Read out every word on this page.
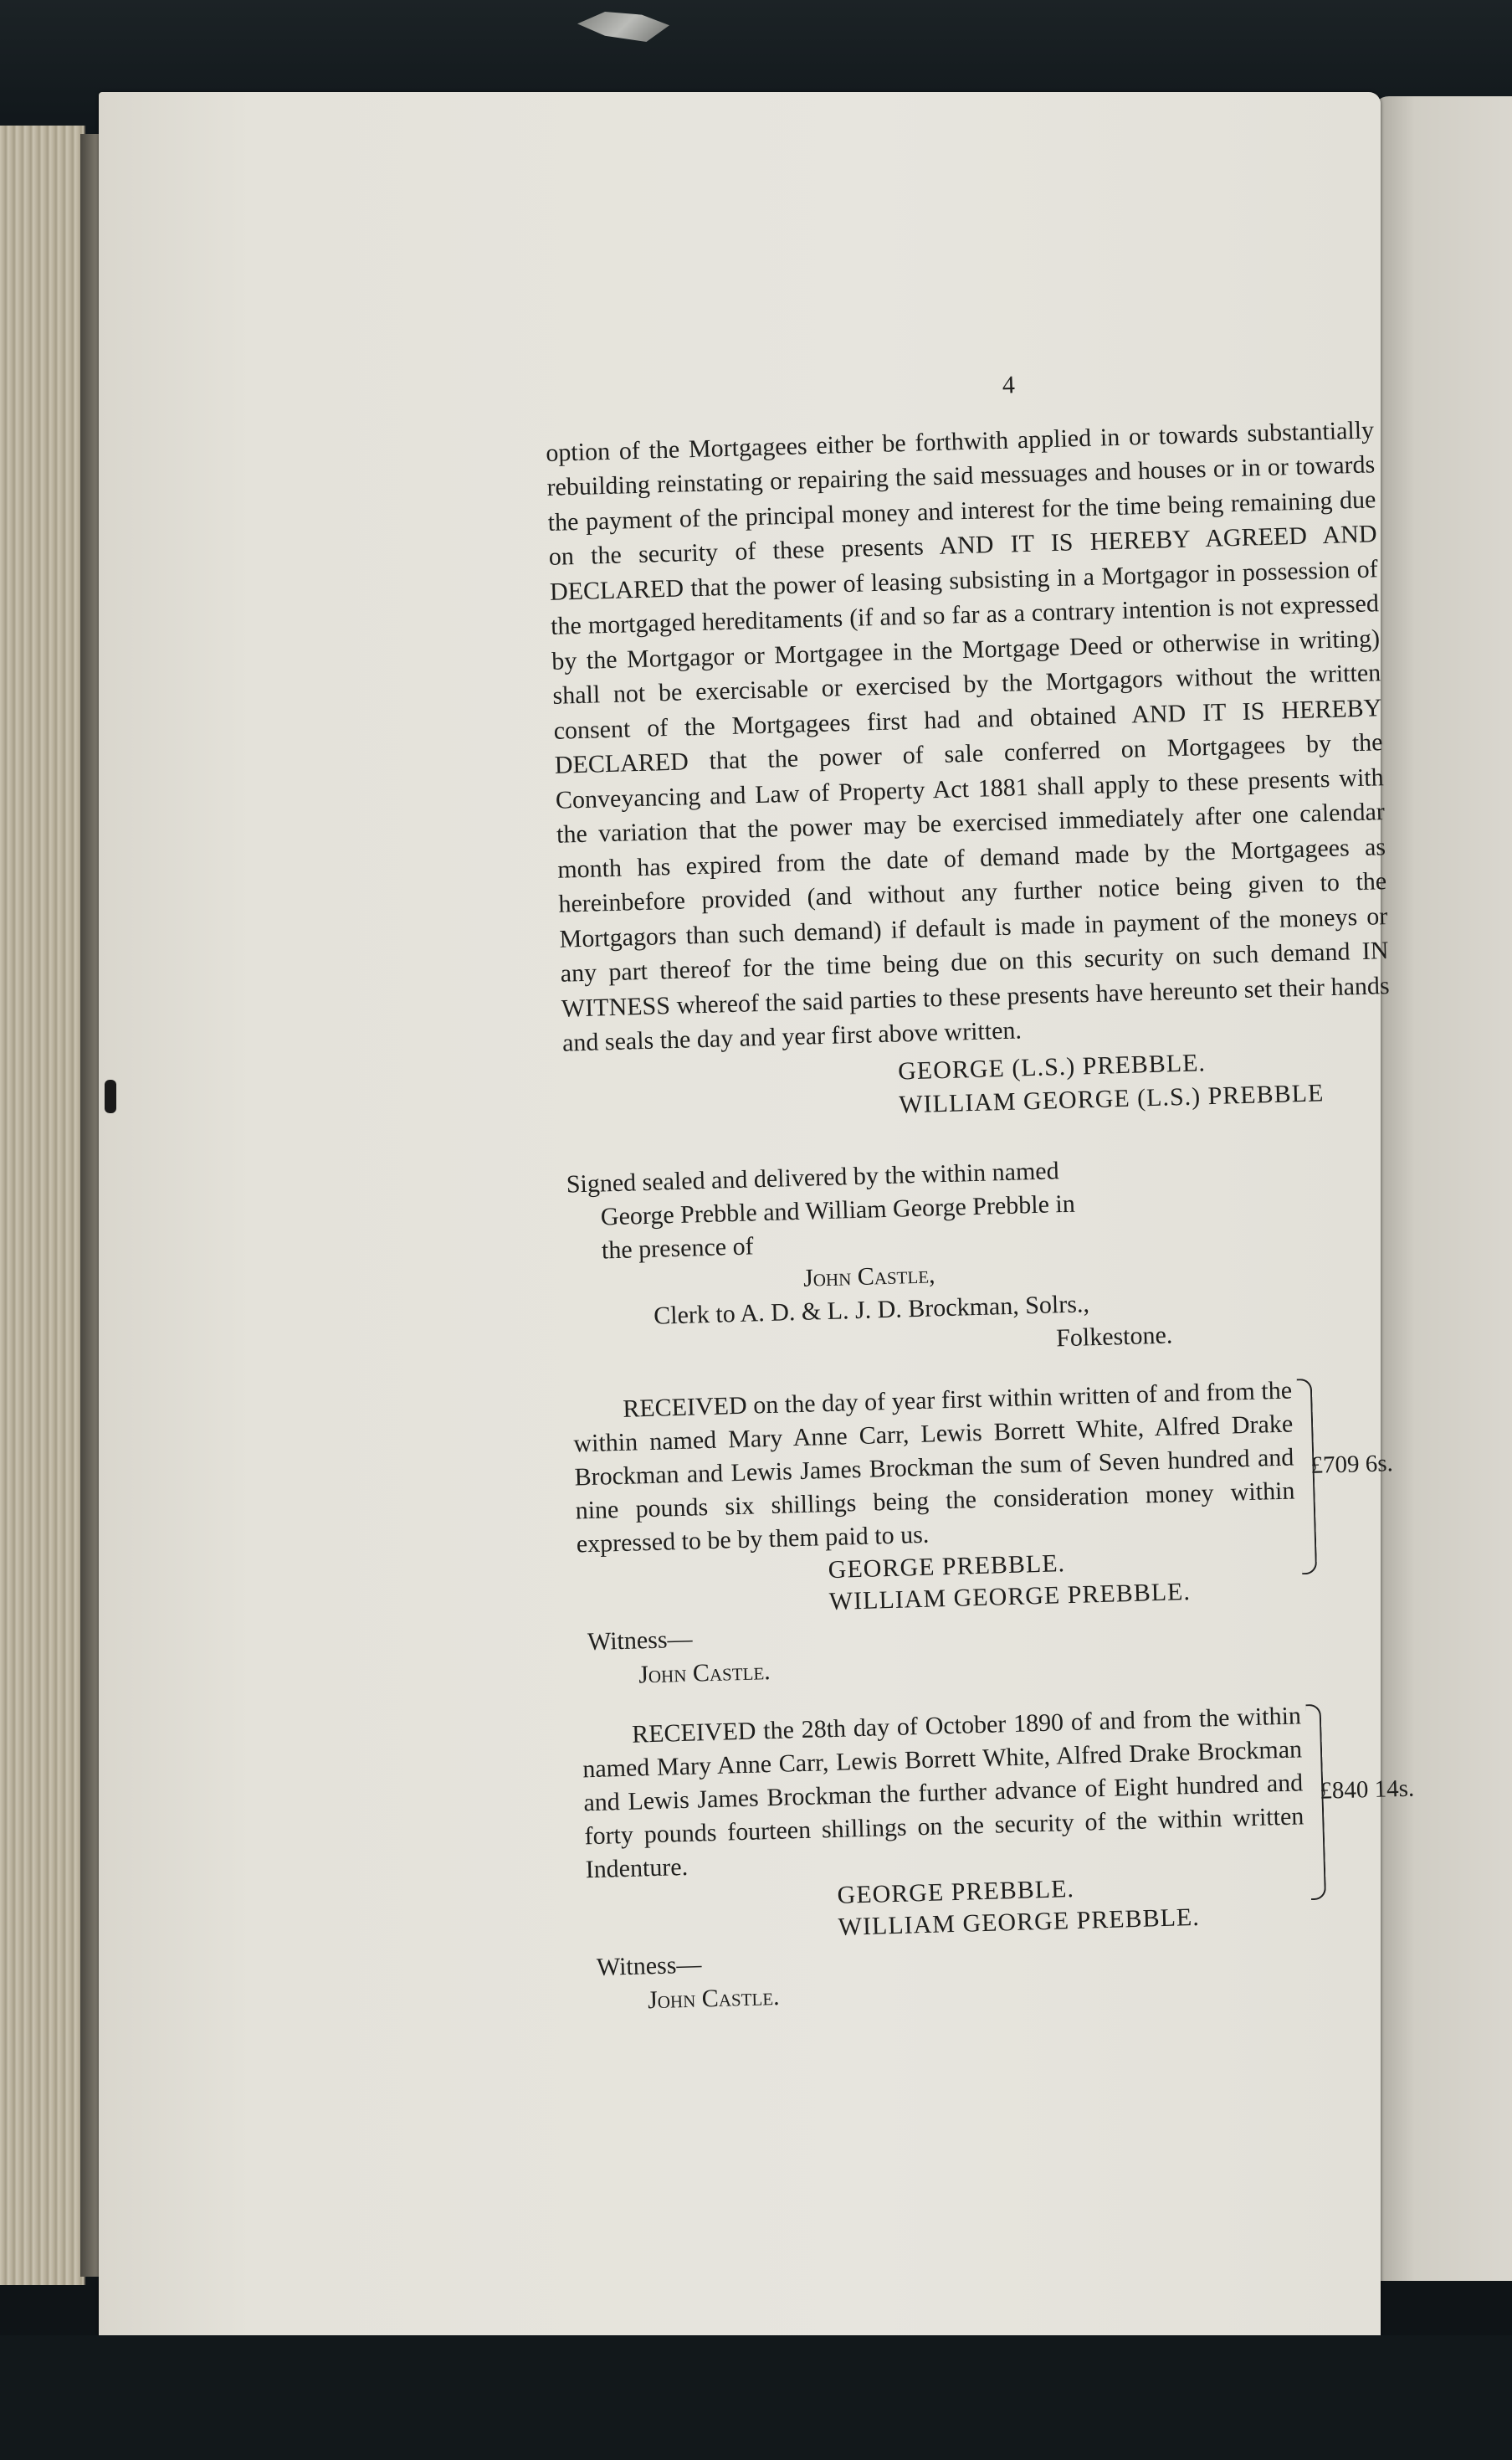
4

option of the Mortgagees either be forthwith applied in or towards substantially rebuilding reinstating or repairing the said messuages and houses or in or towards the payment of the principal money and interest for the time being remaining due on the security of these presents AND IT IS HEREBY AGREED AND DECLARED that the power of leasing subsisting in a Mortgagor in possession of the mortgaged hereditaments (if and so far as a contrary intention is not expressed by the Mortgagor or Mortgagee in the Mortgage Deed or otherwise in writing) shall not be exercisable or exercised by the Mortgagors without the written consent of the Mortgagees first had and obtained AND IT IS HEREBY DECLARED that the power of sale conferred on Mortgagees by the Conveyancing and Law of Property Act 1881 shall apply to these presents with the variation that the power may be exercised immediately after one calendar month has expired from the date of demand made by the Mortgagees as hereinbefore provided (and without any further notice being given to the Mortgagors than such demand) if default is made in payment of the moneys or any part thereof for the time being due on this security on such demand IN WITNESS whereof the said parties to these presents have hereunto set their hands and seals the day and year first above written.

GEORGE (L.S.) PREBBLE.
WILLIAM GEORGE (L.S.) PREBBLE
Signed sealed and delivered by the within named
George Prebble and William George Prebble in
the presence of
John Castle,
Clerk to A. D. & L. J. D. Brockman, Solrs.,
Folkestone.

RECEIVED on the day of year first within written of and from the within named Mary Anne Carr, Lewis Borrett White, Alfred Drake Brockman and Lewis James Brockman the sum of Seven hundred and nine pounds six shillings being the consideration money within expressed to be by them paid to us.

£709 6s.
GEORGE PREBBLE.
WILLIAM GEORGE PREBBLE.
Witness—
John Castle.

RECEIVED the 28th day of October 1890 of and from the within named Mary Anne Carr, Lewis Borrett White, Alfred Drake Brockman and Lewis James Brockman the further advance of Eight hundred and forty pounds fourteen shillings on the security of the within written Indenture.

£840 14s.
GEORGE PREBBLE.
WILLIAM GEORGE PREBBLE.
Witness—
John Castle.
